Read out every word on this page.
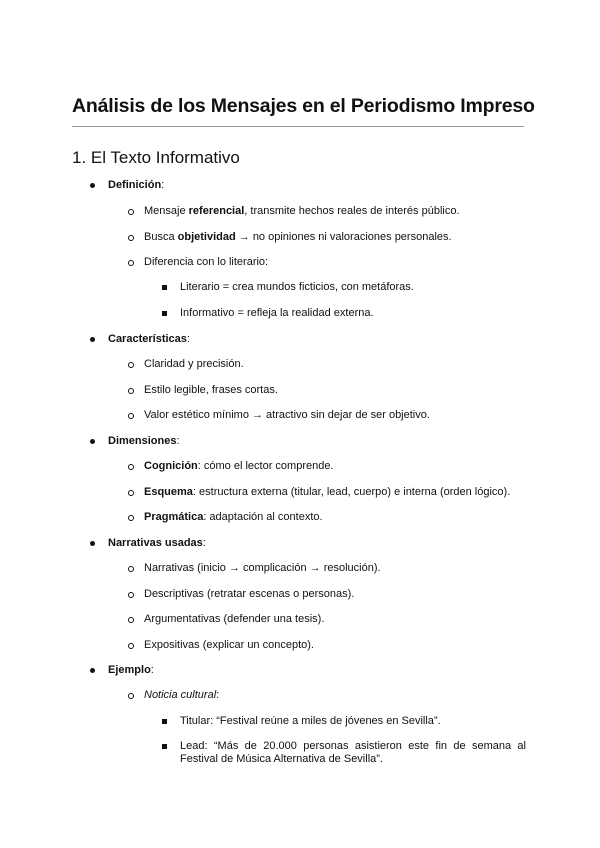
Análisis de los Mensajes en el Periodismo Impreso
1. El Texto Informativo
Definición:
Mensaje referencial, transmite hechos reales de interés público.
Busca objetividad → no opiniones ni valoraciones personales.
Diferencia con lo literario:
Literario = crea mundos ficticios, con metáforas.
Informativo = refleja la realidad externa.
Características:
Claridad y precisión.
Estilo legible, frases cortas.
Valor estético mínimo → atractivo sin dejar de ser objetivo.
Dimensiones:
Cognición: cómo el lector comprende.
Esquema: estructura externa (titular, lead, cuerpo) e interna (orden lógico).
Pragmática: adaptación al contexto.
Narrativas usadas:
Narrativas (inicio → complicación → resolución).
Descriptivas (retratar escenas o personas).
Argumentativas (defender una tesis).
Expositivas (explicar un concepto).
Ejemplo:
Noticia cultural:
Titular: “Festival reúne a miles de jóvenes en Sevilla”.
Lead: “Más de 20.000 personas asistieron este fin de semana al Festival de Música Alternativa de Sevilla”.
